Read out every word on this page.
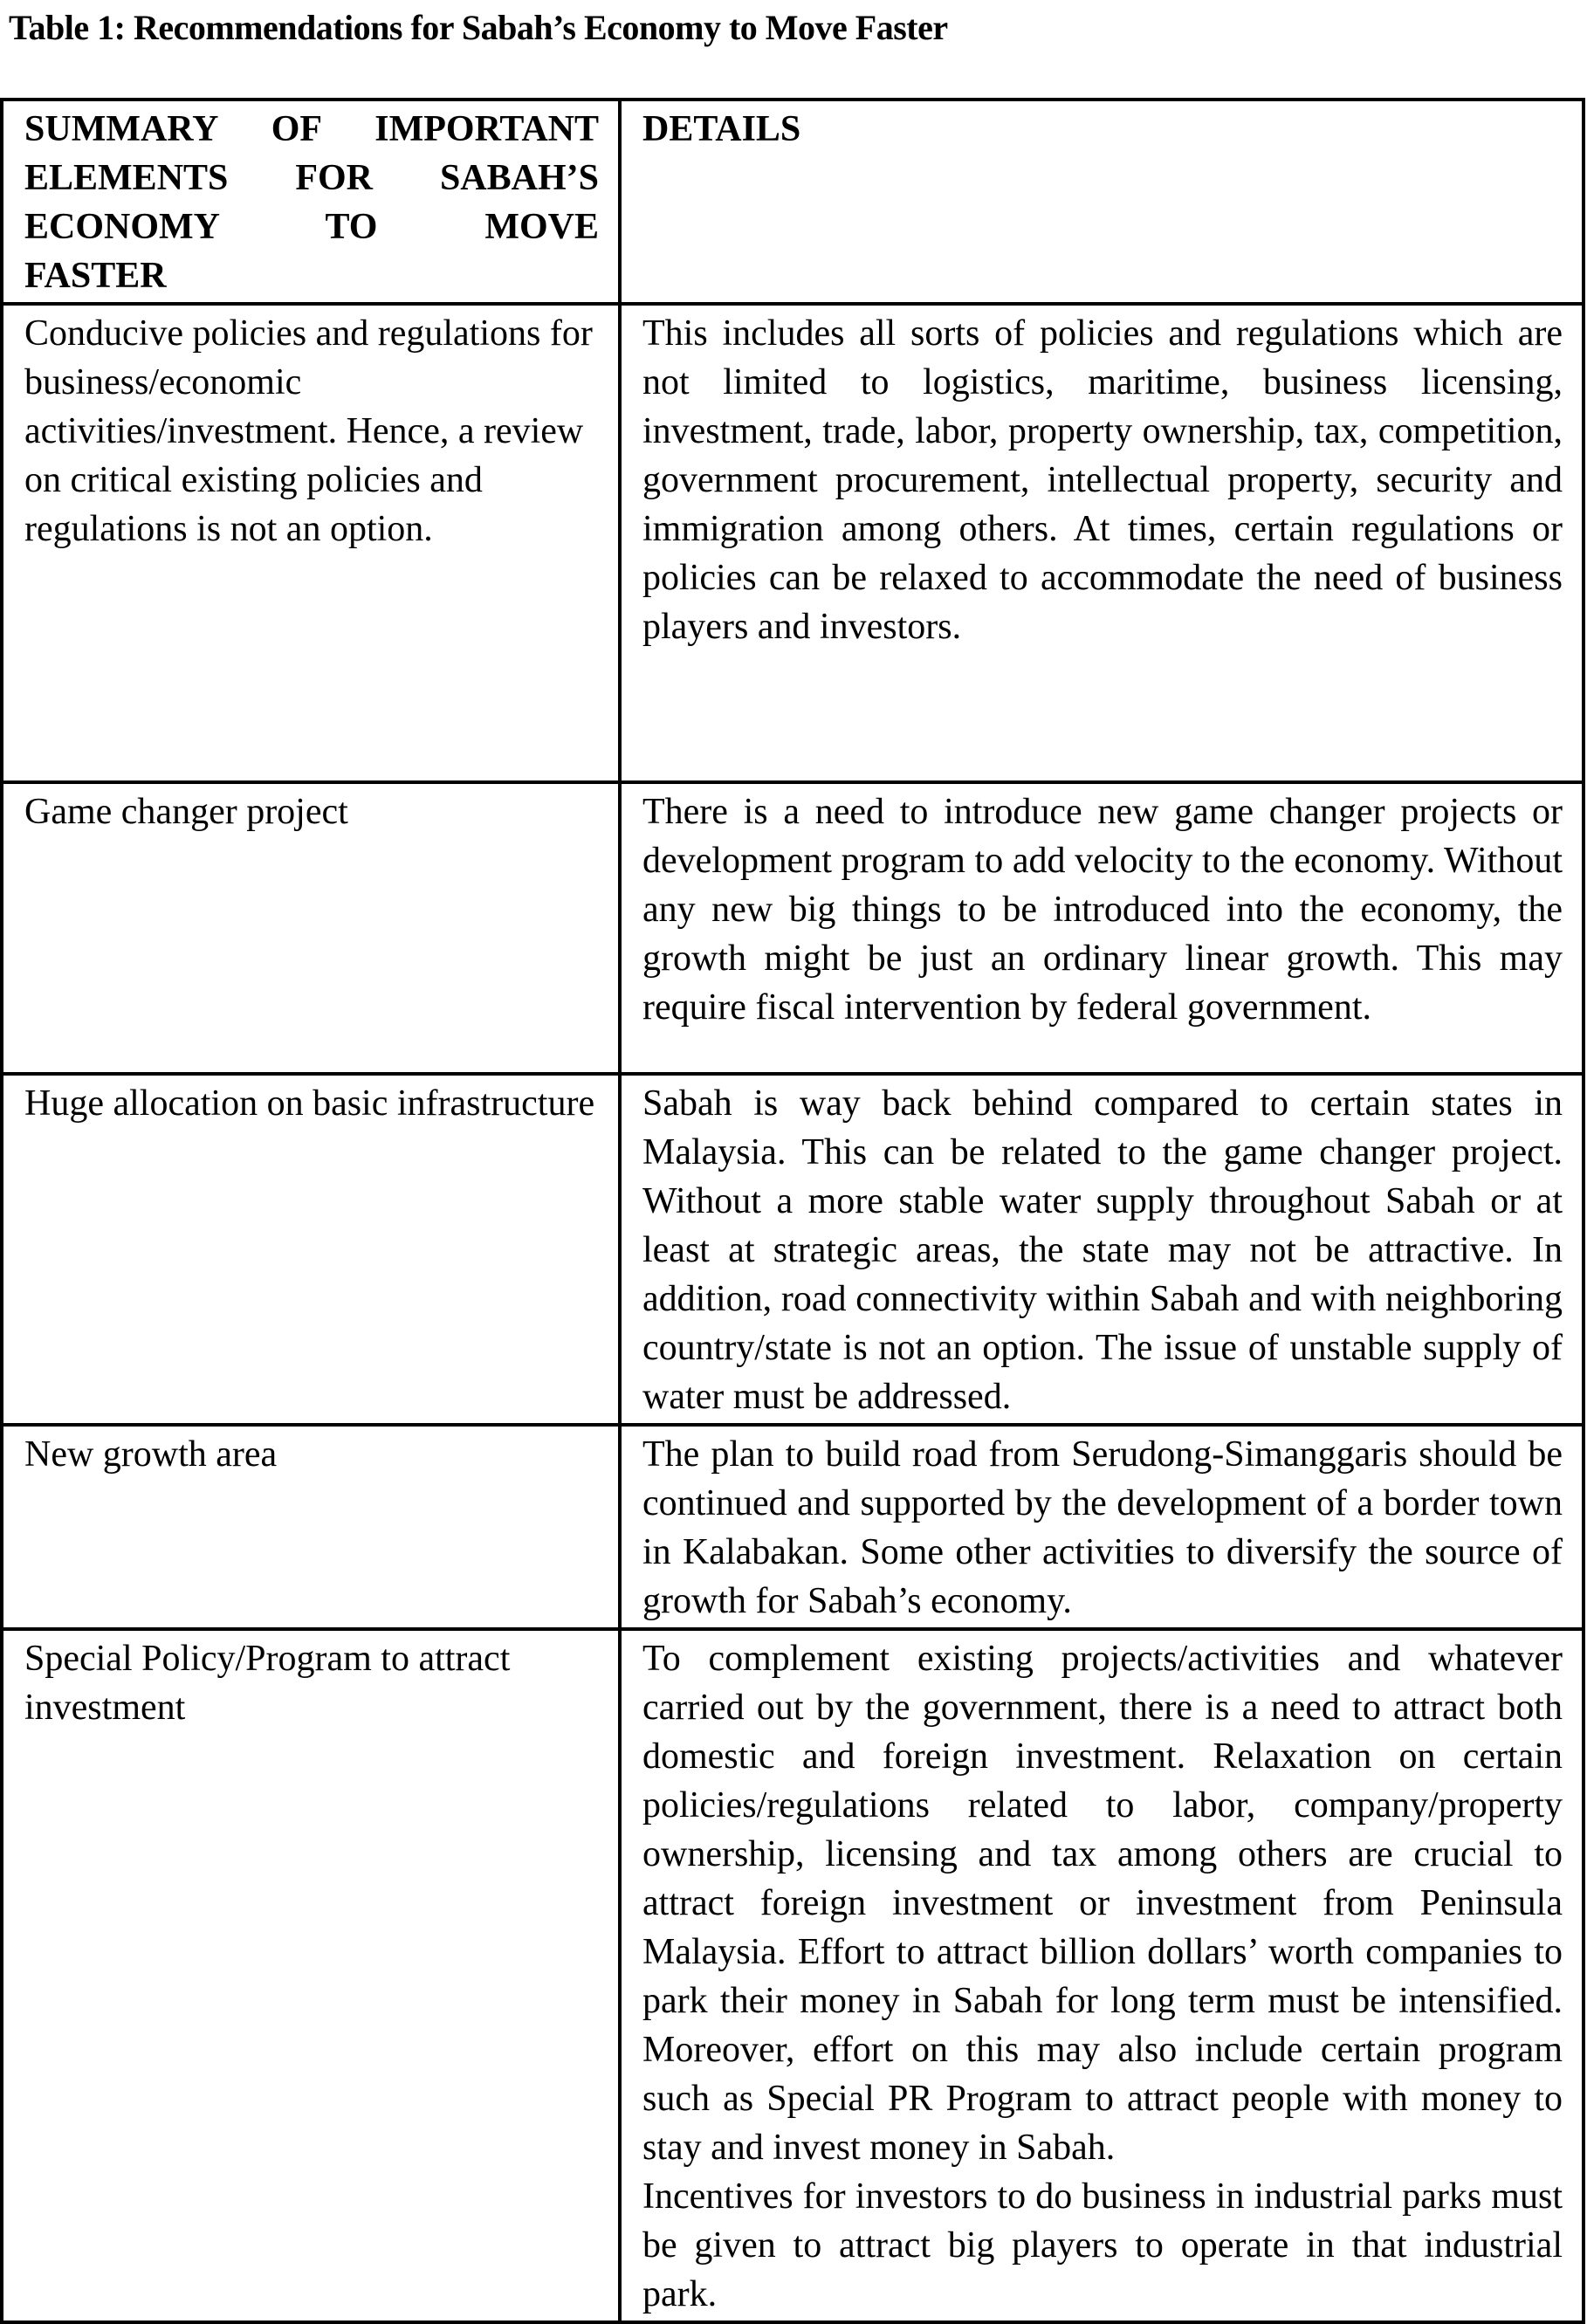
Table 1: Recommendations for Sabah’s Economy to Move Faster
SUMMARY OF IMPORTANT
ELEMENTS FOR SABAH’S
ECONOMY TO MOVE
FASTER	DETAILS
Conducive policies and regulations for business/economic activities/investment. Hence, a review on critical existing policies and regulations is not an option.	This includes all sorts of policies and regulations which are not limited to logistics, maritime, business licensing, investment, trade, labor, property ownership, tax, competition, government procurement, intellectual property, security and immigration among others. At times, certain regulations or policies can be relaxed to accommodate the need of business players and investors.

Game changer project	There is a need to introduce new game changer projects or development program to add velocity to the economy. Without any new big things to be introduced into the economy, the growth might be just an ordinary linear growth. This may require fiscal intervention by federal government.

Huge allocation on basic infrastructure	Sabah is way back behind compared to certain states in Malaysia. This can be related to the game changer project. Without a more stable water supply throughout Sabah or at least at strategic areas, the state may not be attractive. In addition, road connectivity within Sabah and with neighboring country/state is not an option. The issue of unstable supply of water must be addressed.

New growth area	The plan to build road from Serudong-Simanggaris should be continued and supported by the development of a border town in Kalabakan. Some other activities to diversify the source of growth for Sabah’s economy.

Special Policy/Program to attract investment	To complement existing projects/activities and whatever carried out by the government, there is a need to attract both domestic and foreign investment. Relaxation on certain policies/regulations related to labor, company/property ownership, licensing and tax among others are crucial to attract foreign investment or investment from Peninsula Malaysia. Effort to attract billion dollars’ worth companies to park their money in Sabah for long term must be intensified. Moreover, effort on this may also include certain program such as Special PR Program to attract people with money to stay and invest money in Sabah.
Incentives for investors to do business in industrial parks must be given to attract big players to operate in that industrial park.
